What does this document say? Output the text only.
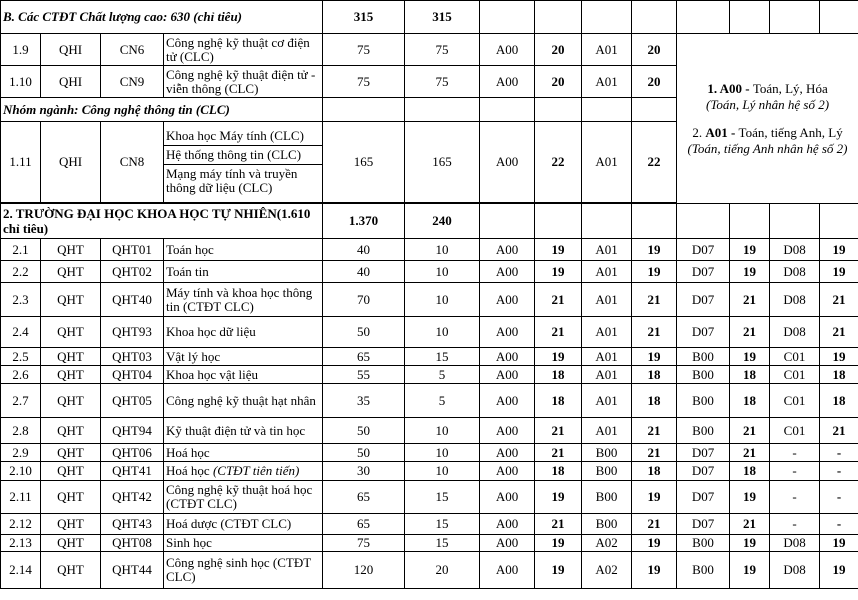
B. Các CTĐT Chất lượng cao: 630 (chỉ tiêu)				315	315								
1.9	QHI	CN6	Công nghệ kỹ thuật cơ điện tử (CLC)	75	75	A00	20	A01	20	1. A00 - Toán, Lý, Hóa

(Toán, Lý nhân hệ số 2)

2. A01 - Toán, tiếng Anh, Lý

(Toán, tiếng Anh nhân hệ số 2)			

1.10	QHI	CN9	Công nghệ kỹ thuật điện tử - viễn thông (CLC)	75	75	A00	20	A01	20				
Nhóm ngành: Công nghệ thông tin (CLC)													
1.11	QHI	CN8	Khoa học Máy tính (CLC)
Hệ thống thông tin (CLC)
Mạng máy tính và truyền thông dữ liệu (CLC)	165	165	A00	22	A01	22				

2. TRƯỜNG ĐẠI HỌC KHOA HỌC TỰ NHIÊN(1.610 chỉ tiêu)				1.370	240								
2.1	QHT	QHT01	Toán học	40	10	A00	19	A01	19	D07	19	D08	19
2.2	QHT	QHT02	Toán tin	40	10	A00	19	A01	19	D07	19	D08	19
2.3	QHT	QHT40	Máy tính và khoa học thông tin (CTĐT CLC)	70	10	A00	21	A01	21	D07	21	D08	21
2.4	QHT	QHT93	Khoa học dữ liệu	50	10	A00	21	A01	21	D07	21	D08	21
2.5	QHT	QHT03	Vật lý học	65	15	A00	19	A01	19	B00	19	C01	19
2.6	QHT	QHT04	Khoa học vật liệu	55	5	A00	18	A01	18	B00	18	C01	18
2.7	QHT	QHT05	Công nghệ kỹ thuật hạt nhân	35	5	A00	18	A01	18	B00	18	C01	18
2.8	QHT	QHT94	Kỹ thuật điện tử và tin học	50	10	A00	21	A01	21	B00	21	C01	21
2.9	QHT	QHT06	Hoá học	50	10	A00	21	B00	21	D07	21	-	-
2.10	QHT	QHT41	Hoá học (CTĐT tiên tiến)	30	10	A00	18	B00	18	D07	18	-	-
2.11	QHT	QHT42	Công nghệ kỹ thuật hoá học (CTĐT CLC)	65	15	A00	19	B00	19	D07	19	-	-
2.12	QHT	QHT43	Hoá dược (CTĐT CLC)	65	15	A00	21	B00	21	D07	21	-	-
2.13	QHT	QHT08	Sinh học	75	15	A00	19	A02	19	B00	19	D08	19
2.14	QHT	QHT44	Công nghệ sinh học (CTĐT CLC)	120	20	A00	19	A02	19	B00	19	D08	19
